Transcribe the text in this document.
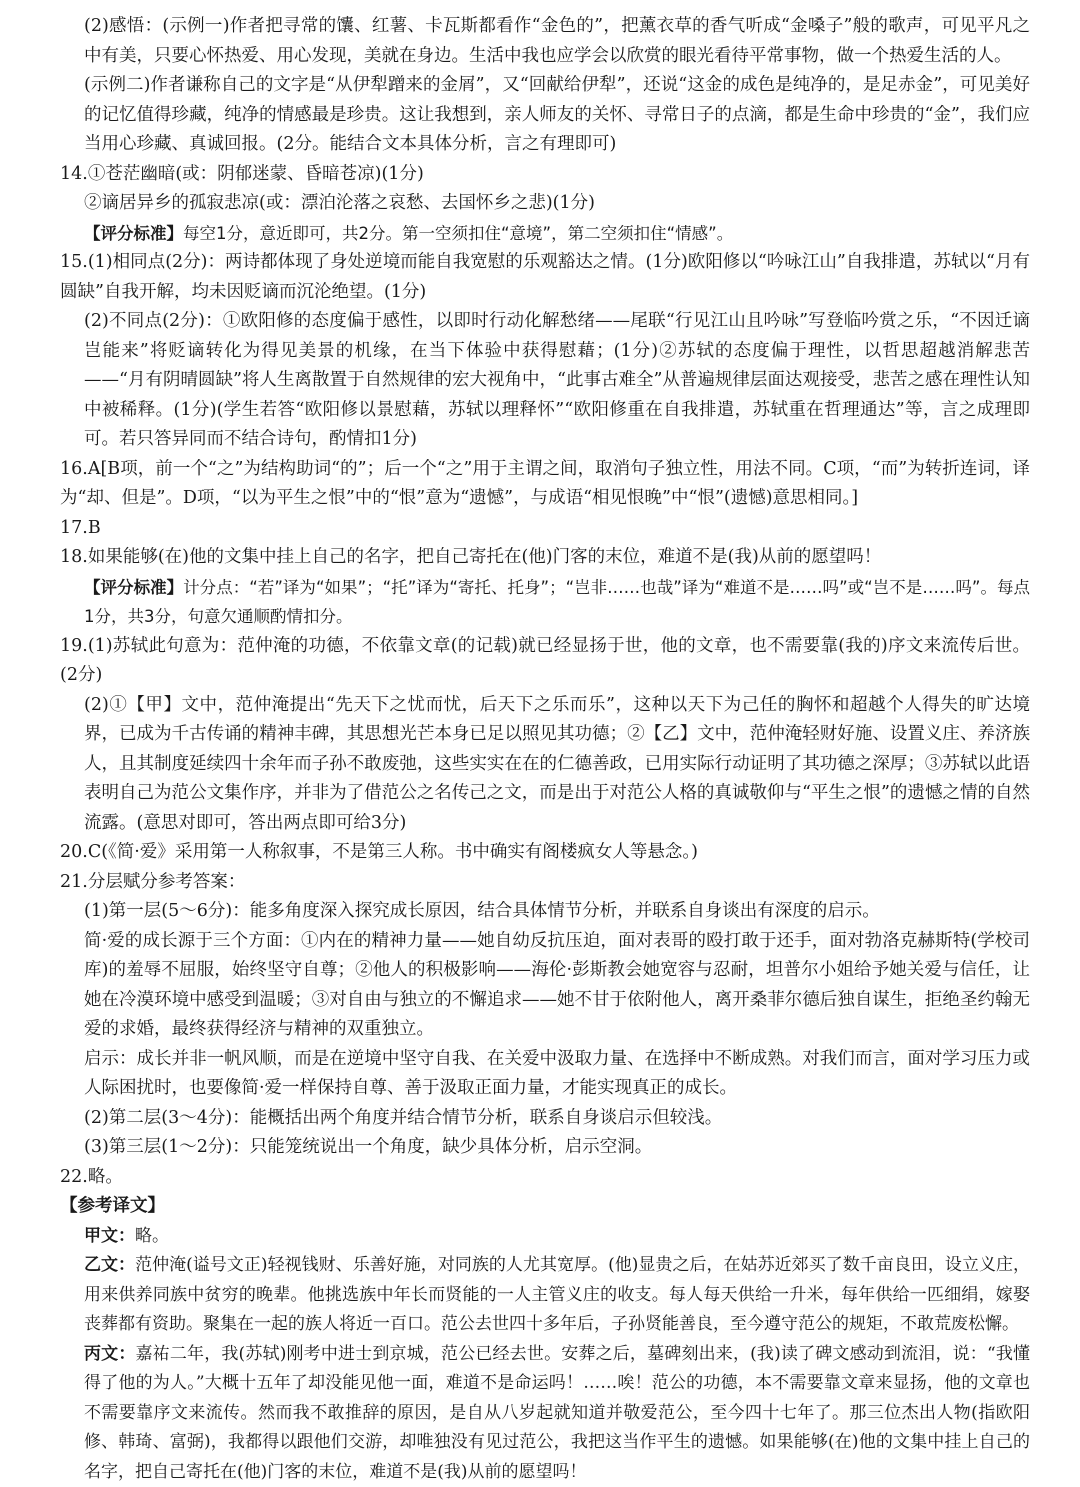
(2)感悟：(示例一)作者把寻常的馕、红薯、卡瓦斯都看作“金色的”，把薰衣草的香气听成“金嗓子”般的歌声，可见平凡之中有美，只要心怀热爱、用心发现，美就在身边。生活中我也应学会以欣赏的眼光看待平常事物，做一个热爱生活的人。

(示例二)作者谦称自己的文字是“从伊犁蹭来的金屑”，又“回献给伊犁”，还说“这金的成色是纯净的，是足赤金”，可见美好的记忆值得珍藏，纯净的情感最是珍贵。这让我想到，亲人师友的关怀、寻常日子的点滴，都是生命中珍贵的“金”，我们应当用心珍藏、真诚回报。(2分。能结合文本具体分析，言之有理即可)

14.①苍茫幽暗(或：阴郁迷蒙、昏暗苍凉)(1分)

②谪居异乡的孤寂悲凉(或：漂泊沦落之哀愁、去国怀乡之悲)(1分)

【评分标准】每空1分，意近即可，共2分。第一空须扣住“意境”，第二空须扣住“情感”。

15.(1)相同点(2分)：两诗都体现了身处逆境而能自我宽慰的乐观豁达之情。(1分)欧阳修以“吟咏江山”自我排遣，苏轼以“月有圆缺”自我开解，均未因贬谪而沉沦绝望。(1分)

(2)不同点(2分)：①欧阳修的态度偏于感性，以即时行动化解愁绪——尾联“行见江山且吟咏”写登临吟赏之乐，“不因迁谪岂能来”将贬谪转化为得见美景的机缘，在当下体验中获得慰藉；(1分)②苏轼的态度偏于理性，以哲思超越消解悲苦——“月有阴晴圆缺”将人生离散置于自然规律的宏大视角中，“此事古难全”从普遍规律层面达观接受，悲苦之感在理性认知中被稀释。(1分)(学生若答“欧阳修以景慰藉，苏轼以理释怀”“欧阳修重在自我排遣，苏轼重在哲理通达”等，言之成理即可。若只答异同而不结合诗句，酌情扣1分)

16.A[B项，前一个“之”为结构助词“的”；后一个“之”用于主谓之间，取消句子独立性，用法不同。C项，“而”为转折连词，译为“却、但是”。D项，“以为平生之恨”中的“恨”意为“遗憾”，与成语“相见恨晚”中“恨”(遗憾)意思相同。]

17.B

18.如果能够(在)他的文集中挂上自己的名字，把自己寄托在(他)门客的末位，难道不是(我)从前的愿望吗！

【评分标准】计分点：“若”译为“如果”；“托”译为“寄托、托身”；“岂非……也哉”译为“难道不是……吗”或“岂不是……吗”。每点1分，共3分，句意欠通顺酌情扣分。

19.(1)苏轼此句意为：范仲淹的功德，不依靠文章(的记载)就已经显扬于世，他的文章，也不需要靠(我的)序文来流传后世。(2分)

(2)①【甲】文中，范仲淹提出“先天下之忧而忧，后天下之乐而乐”，这种以天下为己任的胸怀和超越个人得失的旷达境界，已成为千古传诵的精神丰碑，其思想光芒本身已足以照见其功德；②【乙】文中，范仲淹轻财好施、设置义庄、养济族人，且其制度延续四十余年而子孙不敢废弛，这些实实在在的仁德善政，已用实际行动证明了其功德之深厚；③苏轼以此语表明自己为范公文集作序，并非为了借范公之名传己之文，而是出于对范公人格的真诚敬仰与“平生之恨”的遗憾之情的自然流露。(意思对即可，答出两点即可给3分)

20.C(《简·爱》采用第一人称叙事，不是第三人称。书中确实有阁楼疯女人等悬念。)

21.分层赋分参考答案：

(1)第一层(5～6分)：能多角度深入探究成长原因，结合具体情节分析，并联系自身谈出有深度的启示。

简·爱的成长源于三个方面：①内在的精神力量——她自幼反抗压迫，面对表哥的殴打敢于还手，面对勃洛克赫斯特(学校司库)的羞辱不屈服，始终坚守自尊；②他人的积极影响——海伦·彭斯教会她宽容与忍耐，坦普尔小姐给予她关爱与信任，让她在冷漠环境中感受到温暖；③对自由与独立的不懈追求——她不甘于依附他人，离开桑菲尔德后独自谋生，拒绝圣约翰无爱的求婚，最终获得经济与精神的双重独立。

启示：成长并非一帆风顺，而是在逆境中坚守自我、在关爱中汲取力量、在选择中不断成熟。对我们而言，面对学习压力或人际困扰时，也要像简·爱一样保持自尊、善于汲取正面力量，才能实现真正的成长。

(2)第二层(3～4分)：能概括出两个角度并结合情节分析，联系自身谈启示但较浅。

(3)第三层(1～2分)：只能笼统说出一个角度，缺少具体分析，启示空洞。

22.略。

【参考译文】

甲文：略。

乙文：范仲淹(谥号文正)轻视钱财、乐善好施，对同族的人尤其宽厚。(他)显贵之后，在姑苏近郊买了数千亩良田，设立义庄，用来供养同族中贫穷的晚辈。他挑选族中年长而贤能的一人主管义庄的收支。每人每天供给一升米，每年供给一匹细绢，嫁娶丧葬都有资助。聚集在一起的族人将近一百口。范公去世四十多年后，子孙贤能善良，至今遵守范公的规矩，不敢荒废松懈。

丙文：嘉祐二年，我(苏轼)刚考中进士到京城，范公已经去世。安葬之后，墓碑刻出来，(我)读了碑文感动到流泪，说：“我懂得了他的为人。”大概十五年了却没能见他一面，难道不是命运吗！……唉！范公的功德，本不需要靠文章来显扬，他的文章也不需要靠序文来流传。然而我不敢推辞的原因，是自从八岁起就知道并敬爱范公，至今四十七年了。那三位杰出人物(指欧阳修、韩琦、富弼)，我都得以跟他们交游，却唯独没有见过范公，我把这当作平生的遗憾。如果能够(在)他的文集中挂上自己的名字，把自己寄托在(他)门客的末位，难道不是(我)从前的愿望吗！
